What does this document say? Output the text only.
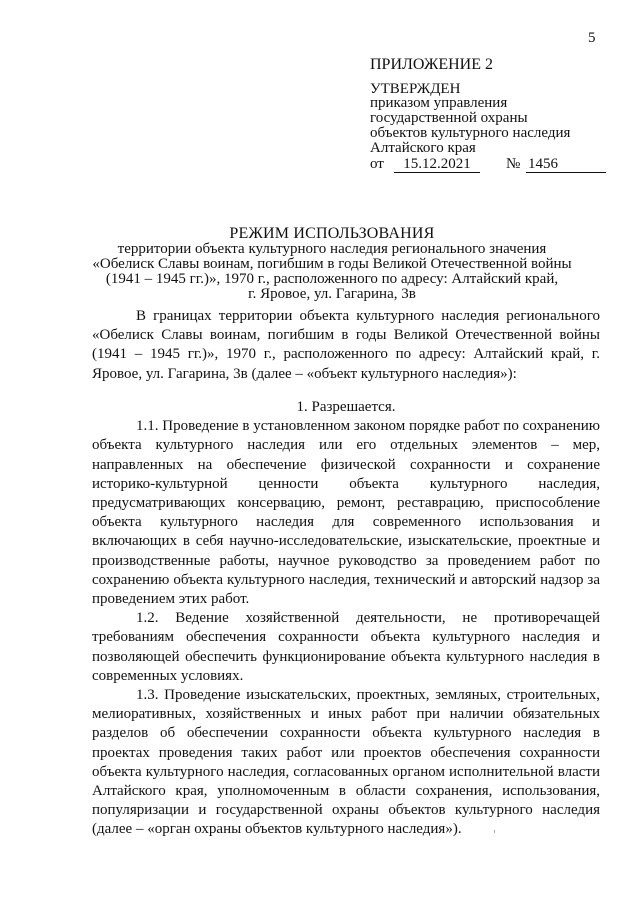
5
ПРИЛОЖЕНИЕ 2
УТВЕРЖДЕН
приказом управления
государственной охраны
объектов культурного наследия
Алтайского края
от	15.12.2021	№ 1456
РЕЖИМ ИСПОЛЬЗОВАНИЯ
территории объекта культурного наследия регионального значения
«Обелиск Славы воинам, погибшим в годы Великой Отечественной войны
(1941 – 1945 гг.)», 1970 г., расположенного по адресу: Алтайский край,
г. Яровое, ул. Гагарина, 3в

В границах территории объекта культурного наследия регионального «Обелиск Славы воинам, погибшим в годы Великой Отечественной войны (1941 – 1945 гг.)», 1970 г., расположенного по адресу: Алтайский край, г. Яровое, ул. Гагарина, 3в (далее – «объект культурного наследия»):

1. Разрешается.

1.1. Проведение в установленном законом порядке работ по сохранению объекта культурного наследия или его отдельных элементов – мер, направленных на обеспечение физической сохранности и сохранение историко-культурной ценности объекта культурного наследия, предусматривающих консервацию, ремонт, реставрацию, приспособление объекта культурного наследия для современного использования и включающих в себя научно-исследовательские, изыскательские, проектные и производственные работы, научное руководство за проведением работ по сохранению объекта культурного наследия, технический и авторский надзор за проведением этих работ.

1.2. Ведение хозяйственной деятельности, не противоречащей требованиям обеспечения сохранности объекта культурного наследия и позволяющей обеспечить функционирование объекта культурного наследия в современных условиях.

1.3. Проведение изыскательских, проектных, земляных, строительных, мелиоративных, хозяйственных и иных работ при наличии обязательных разделов об обеспечении сохранности объекта культурного наследия в проектах проведения таких работ или проектов обеспечения сохранности объекта культурного наследия, согласованных органом исполнительной власти Алтайского края, уполномоченным в области сохранения, использования, популяризации и государственной охраны объектов культурного наследия (далее – «орган охраны объектов культурного наследия»).
